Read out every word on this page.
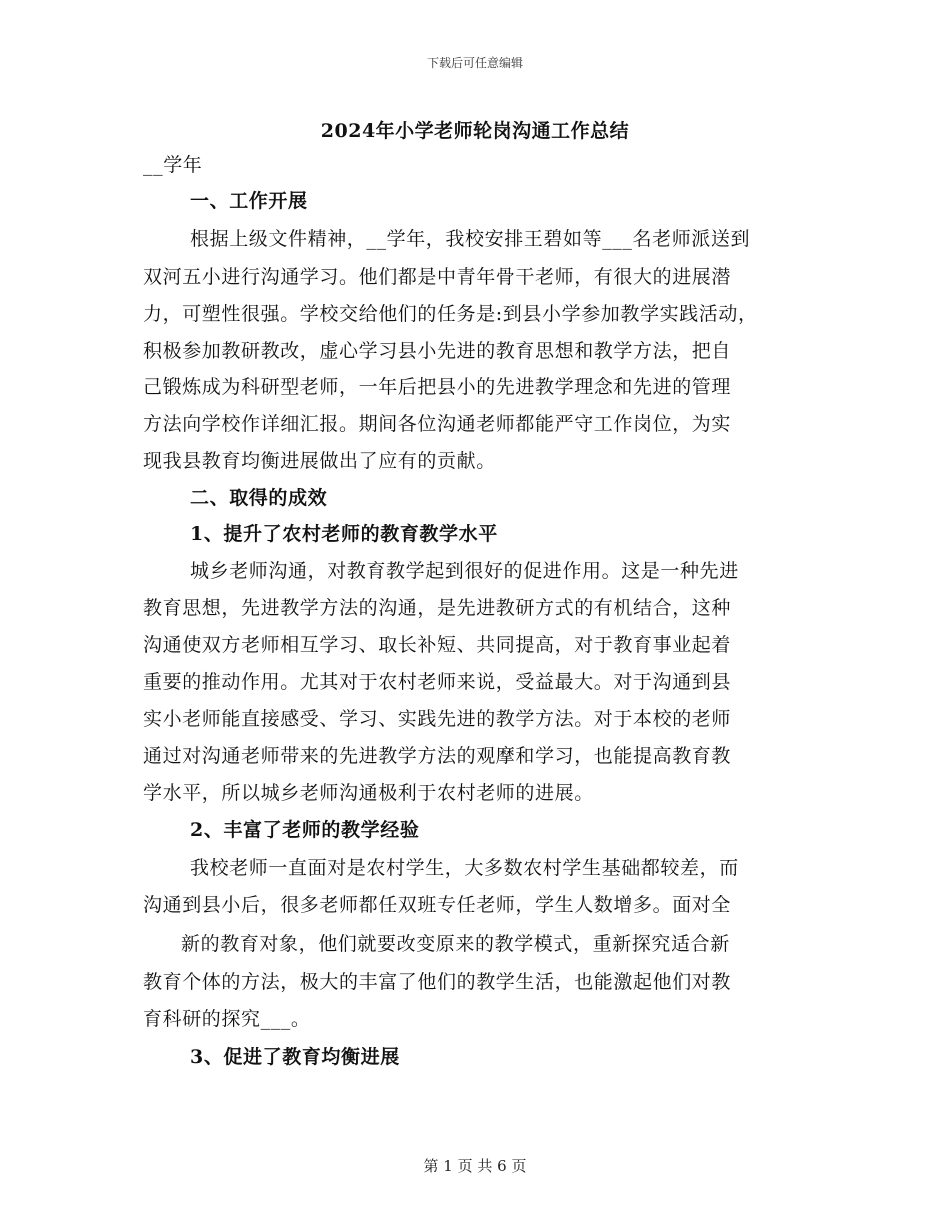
下载后可任意编辑
2024年小学老师轮岗沟通工作总结
__学年
一、工作开展
根据上级文件精神，__学年，我校安排王碧如等___名老师派送到
双河五小进行沟通学习。他们都是中青年骨干老师，有很大的进展潜
力，可塑性很强。学校交给他们的任务是:到县小学参加教学实践活动，
积极参加教研教改，虚心学习县小先进的教育思想和教学方法，把自
己锻炼成为科研型老师，一年后把县小的先进教学理念和先进的管理
方法向学校作详细汇报。期间各位沟通老师都能严守工作岗位，为实
现我县教育均衡进展做出了应有的贡献。
二、取得的成效
1、提升了农村老师的教育教学水平
城乡老师沟通，对教育教学起到很好的促进作用。这是一种先进
教育思想，先进教学方法的沟通，是先进教研方式的有机结合，这种
沟通使双方老师相互学习、取长补短、共同提高，对于教育事业起着
重要的推动作用。尤其对于农村老师来说，受益最大。对于沟通到县
实小老师能直接感受、学习、实践先进的教学方法。对于本校的老师
通过对沟通老师带来的先进教学方法的观摩和学习，也能提高教育教
学水平，所以城乡老师沟通极利于农村老师的进展。
2、丰富了老师的教学经验
我校老师一直面对是农村学生，大多数农村学生基础都较差，而
沟通到县小后，很多老师都任双班专任老师，学生人数增多。面对全
新的教育对象，他们就要改变原来的教学模式，重新探究适合新
教育个体的方法，极大的丰富了他们的教学生活，也能激起他们对教
育科研的探究___。
3、促进了教育均衡进展
第 1 页 共 6 页
